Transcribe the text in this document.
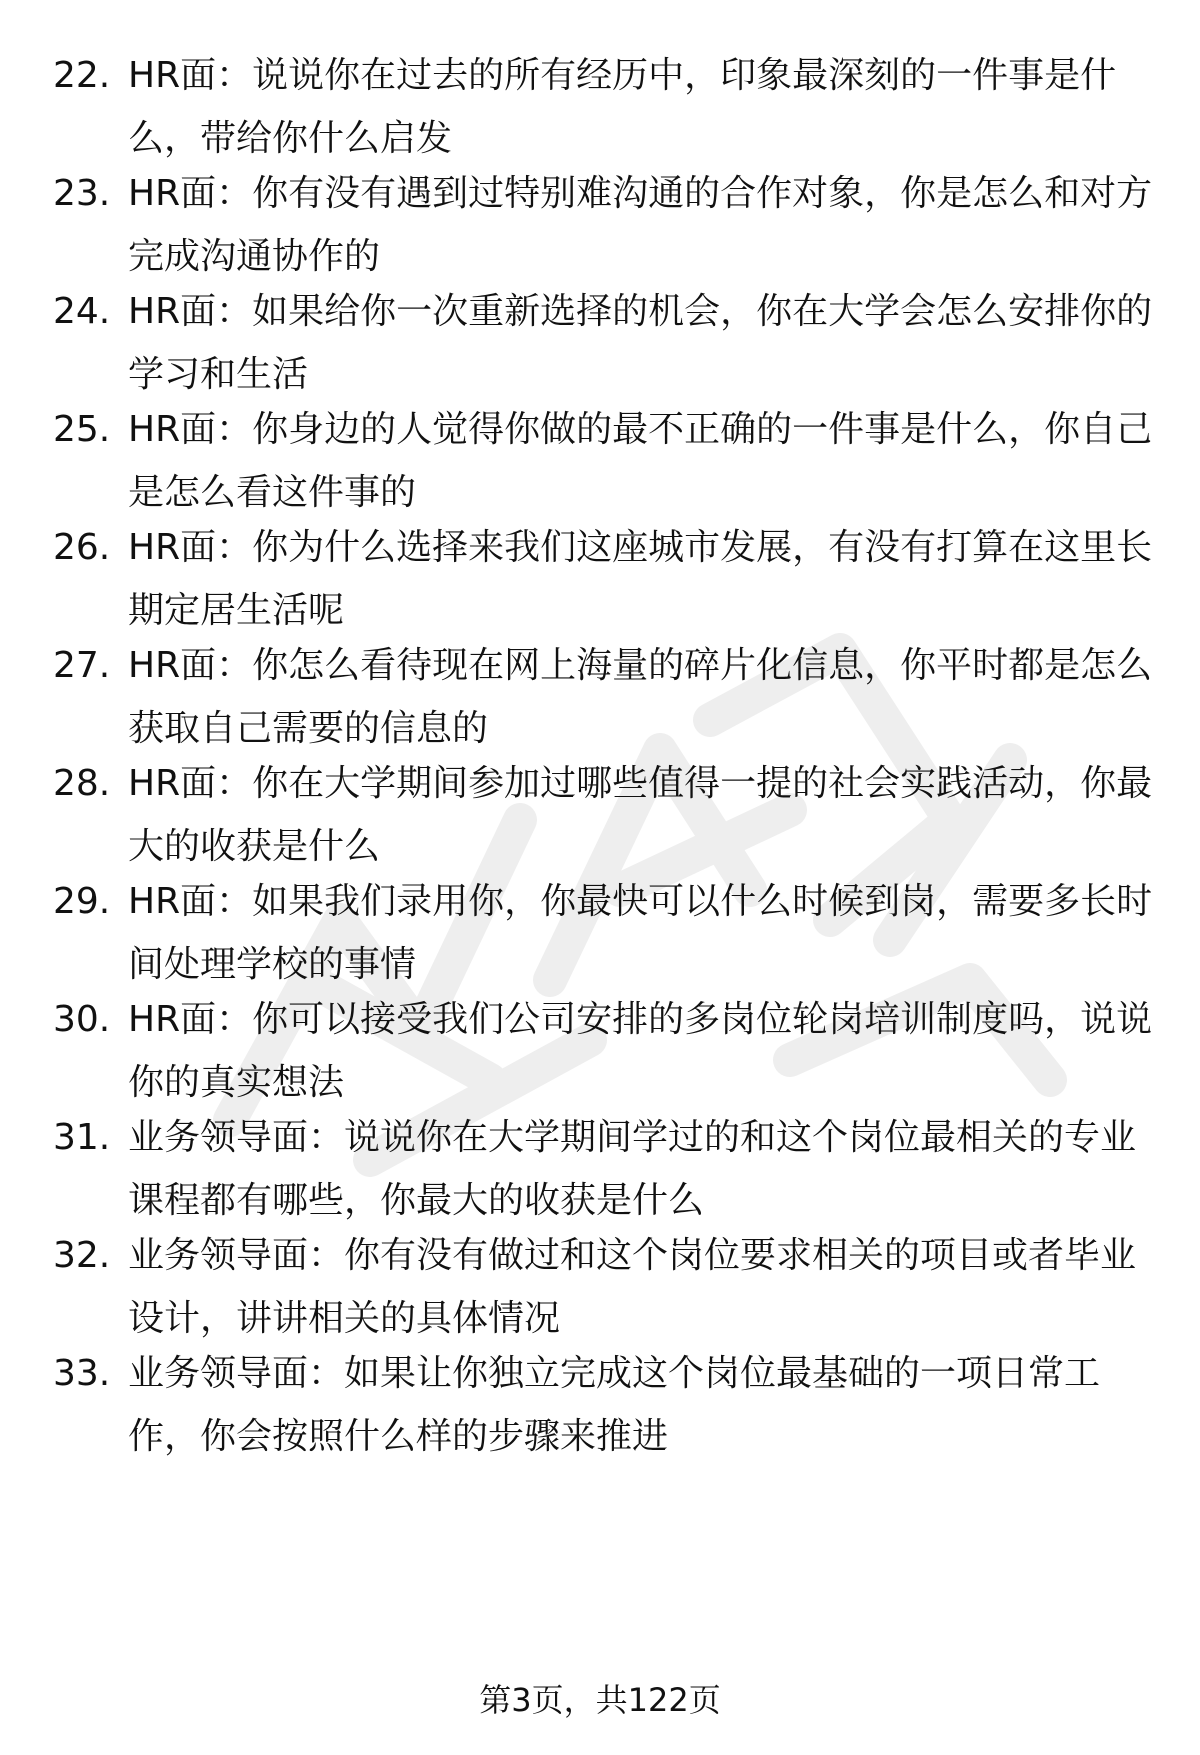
22. HR面：说说你在过去的所有经历中，印象最深刻的一件事是什
么，带给你什么启发
23. HR面：你有没有遇到过特别难沟通的合作对象，你是怎么和对方
完成沟通协作的
24. HR面：如果给你一次重新选择的机会，你在大学会怎么安排你的
学习和生活
25. HR面：你身边的人觉得你做的最不正确的一件事是什么，你自己
是怎么看这件事的
26. HR面：你为什么选择来我们这座城市发展，有没有打算在这里长
期定居生活呢
27. HR面：你怎么看待现在网上海量的碎片化信息，你平时都是怎么
获取自己需要的信息的
28. HR面：你在大学期间参加过哪些值得一提的社会实践活动，你最
大的收获是什么
29. HR面：如果我们录用你，你最快可以什么时候到岗，需要多长时
间处理学校的事情
30. HR面：你可以接受我们公司安排的多岗位轮岗培训制度吗，说说
你的真实想法
31. 业务领导面：说说你在大学期间学过的和这个岗位最相关的专业
课程都有哪些，你最大的收获是什么
32. 业务领导面：你有没有做过和这个岗位要求相关的项目或者毕业
设计，讲讲相关的具体情况
33. 业务领导面：如果让你独立完成这个岗位最基础的一项日常工
作，你会按照什么样的步骤来推进
第3页，共122页
